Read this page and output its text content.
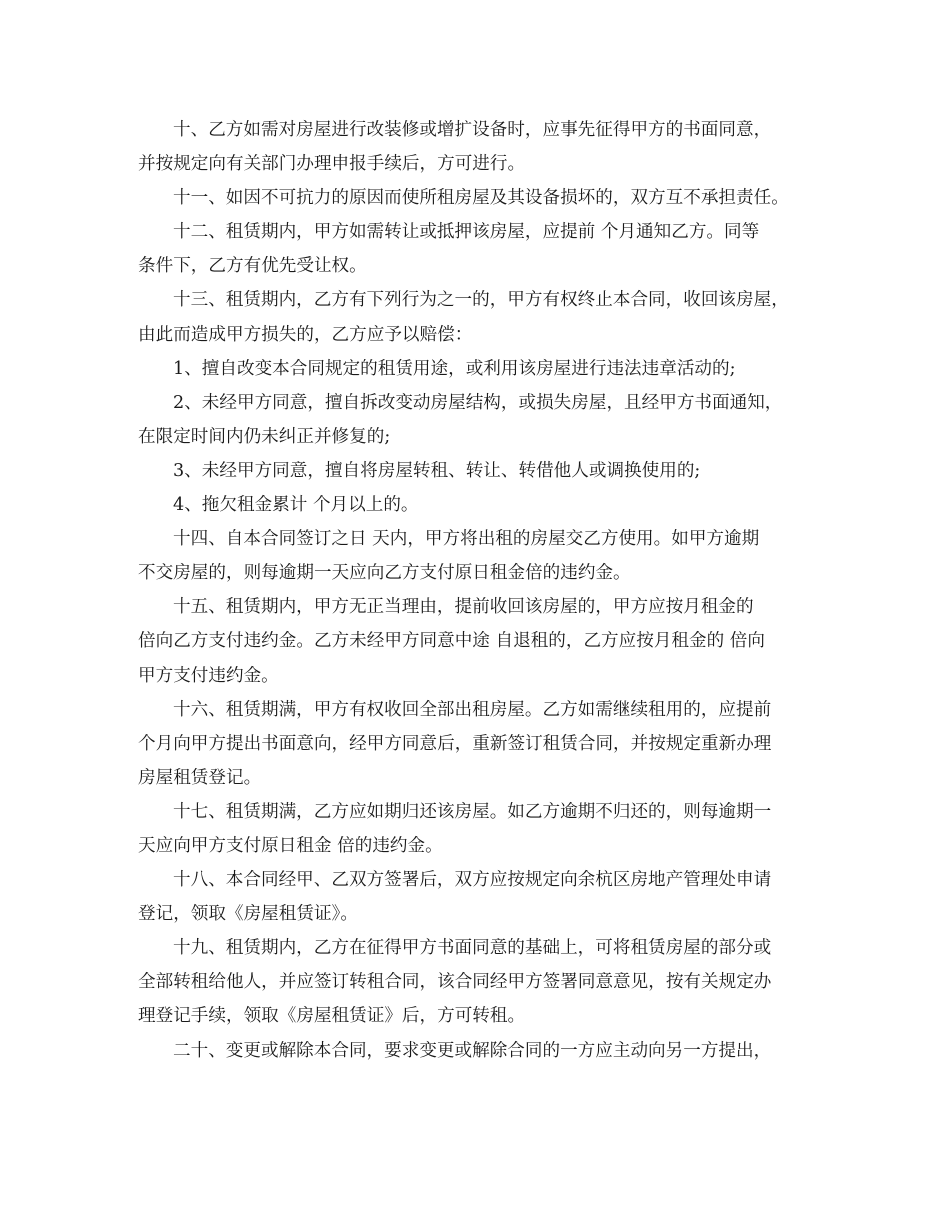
十、乙方如需对房屋进行改装修或增扩设备时，应事先征得甲方的书面同意，
并按规定向有关部门办理申报手续后，方可进行。
十一、如因不可抗力的原因而使所租房屋及其设备损坏的，双方互不承担责任。
十二、租赁期内，甲方如需转让或抵押该房屋，应提前 个月通知乙方。同等
条件下，乙方有优先受让权。
十三、租赁期内，乙方有下列行为之一的，甲方有权终止本合同，收回该房屋，
由此而造成甲方损失的，乙方应予以赔偿：
1、擅自改变本合同规定的租赁用途，或利用该房屋进行违法违章活动的;
2、未经甲方同意，擅自拆改变动房屋结构，或损失房屋，且经甲方书面通知，
在限定时间内仍未纠正并修复的;
3、未经甲方同意，擅自将房屋转租、转让、转借他人或调换使用的;
4、拖欠租金累计 个月以上的。
十四、自本合同签订之日 天内，甲方将出租的房屋交乙方使用。如甲方逾期
不交房屋的，则每逾期一天应向乙方支付原日租金倍的违约金。
十五、租赁期内，甲方无正当理由，提前收回该房屋的，甲方应按月租金的
倍向乙方支付违约金。乙方未经甲方同意中途 自退租的，乙方应按月租金的 倍向
甲方支付违约金。
十六、租赁期满，甲方有权收回全部出租房屋。乙方如需继续租用的，应提前
个月向甲方提出书面意向，经甲方同意后，重新签订租赁合同，并按规定重新办理
房屋租赁登记。
十七、租赁期满，乙方应如期归还该房屋。如乙方逾期不归还的，则每逾期一
天应向甲方支付原日租金 倍的违约金。
十八、本合同经甲、乙双方签署后，双方应按规定向余杭区房地产管理处申请
登记，领取《房屋租赁证》。
十九、租赁期内，乙方在征得甲方书面同意的基础上，可将租赁房屋的部分或
全部转租给他人，并应签订转租合同，该合同经甲方签署同意意见，按有关规定办
理登记手续，领取《房屋租赁证》后，方可转租。
二十、变更或解除本合同，要求变更或解除合同的一方应主动向另一方提出，
